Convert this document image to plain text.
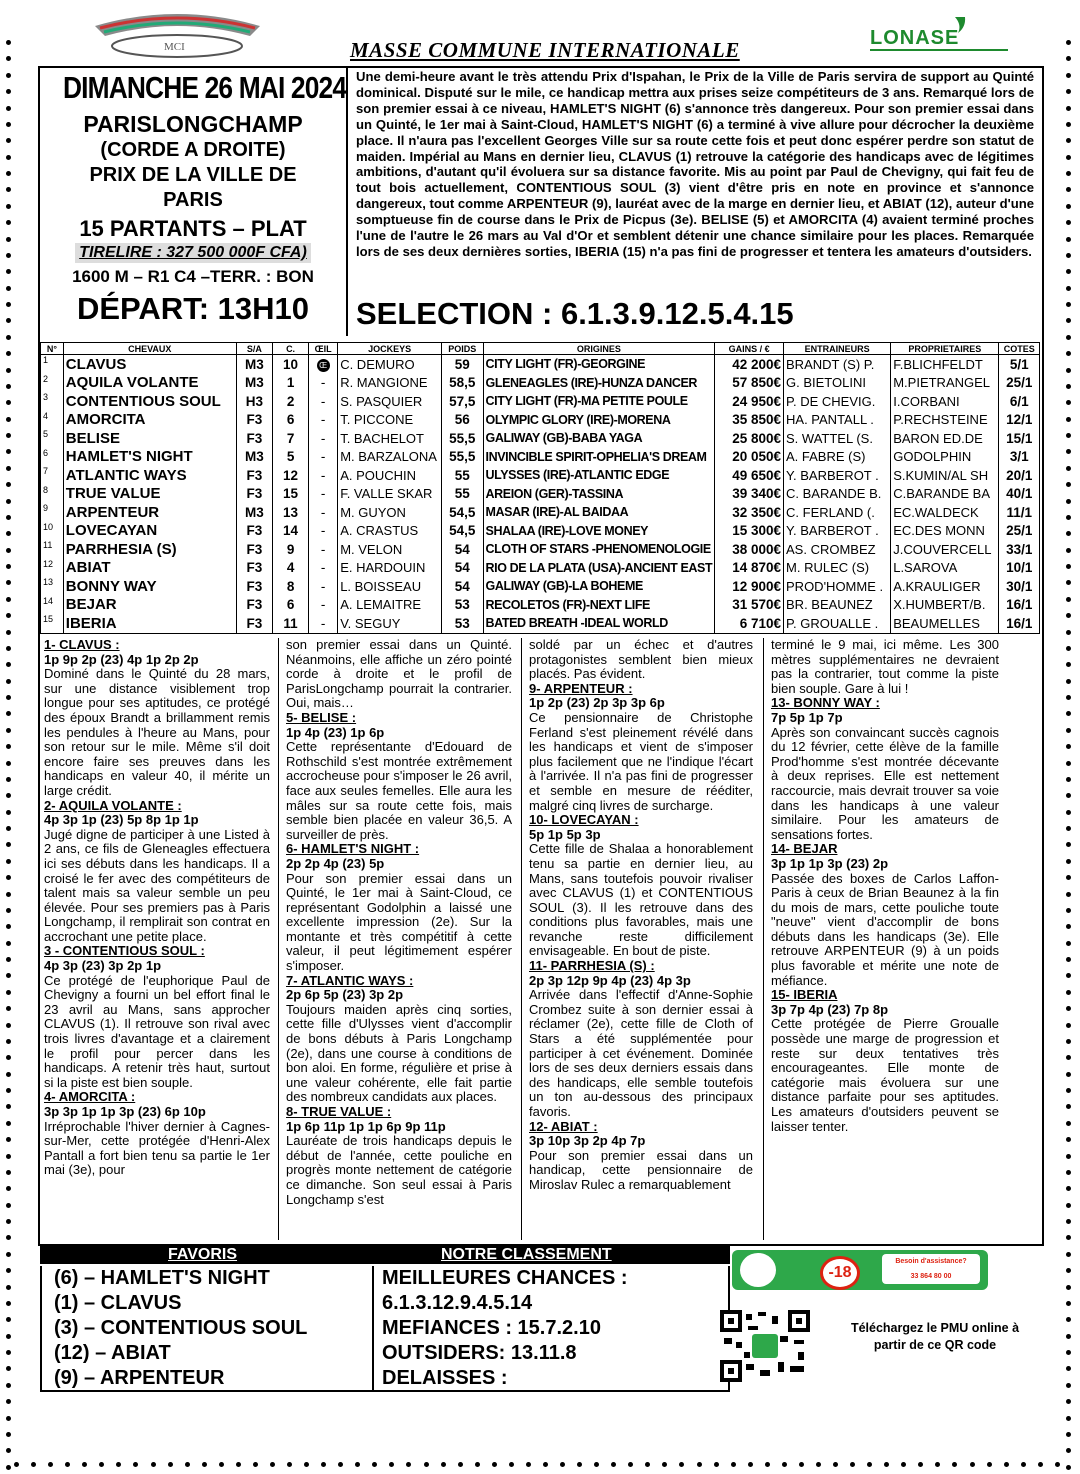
MCI	MASSE COMMUNE INTERNATIONALE	LONASE
DIMANCHE 26 MAI 2024
PARISLONGCHAMP
(CORDE A DROITE)
PRIX DE LA VILLE DE
PARIS
15 PARTANTS – PLAT
TIRELIRE : 327 500 000F CFA)
1600 M – R1 C4 –TERR. : BON
DÉPART: 13H10
Une demi-heure avant le très attendu Prix d'Ispahan, le Prix de la Ville de Paris servira de support au Quinté dominical. Disputé sur le mile, ce handicap mettra aux prises seize compétiteurs de 3 ans. Remarqué lors de son premier essai à ce niveau, HAMLET'S NIGHT (6) s'annonce très dangereux. Pour son premier essai dans un Quinté, le 1er mai à Saint-Cloud, HAMLET'S NIGHT (6) a terminé à vive allure pour décrocher la deuxième place. Il n'aura pas l'excellent Georges Ville sur sa route cette fois et peut donc espérer perdre son statut de maiden. Impérial au Mans en dernier lieu, CLAVUS (1) retrouve la catégorie des handicaps avec de légitimes ambitions, d'autant qu'il évoluera sur sa distance favorite. Mis au point par Paul de Chevigny, qui fait feu de tout bois actuellement, CONTENTIOUS SOUL (3) vient d'être pris en note en province et s'annonce dangereux, tout comme ARPENTEUR (9), lauréat avec de la marge en dernier lieu, et ABIAT (12), auteur d'une somptueuse fin de course dans le Prix de Picpus (3e). BELISE (5) et AMORCITA (4) avaient terminé proches l'une de l'autre le 26 mars au Val d'Or et semblent détenir une chance similaire pour les places. Remarquée lors de ses deux dernières sorties, IBERIA (15) n'a pas fini de progresser et tentera les amateurs d'outsiders.
SELECTION : 6.1.3.9.12.5.4.15
N°	CHEVAUX	S/A	C.	ŒIL	JOCKEYS	POIDS	ORIGINES	GAINS / €	ENTRAINEURS	PROPRIETAIRES	COTES
1	CLAVUS	M3	10	Œ	C. DEMURO	59	CITY LIGHT (FR)-GEORGINE	42 200€	BRANDT (S) P.	F.BLICHFELDT	5/1
2	AQUILA VOLANTE	M3	1	-	R. MANGIONE	58,5	GLENEAGLES (IRE)-HUNZA DANCER	57 850€	G. BIETOLINI	M.PIETRANGEL	25/1
3	CONTENTIOUS SOUL	H3	2	-	S. PASQUIER	57,5	CITY LIGHT (FR)-MA PETITE POULE	24 950€	P. DE CHEVIG.	I.CORBANI	6/1
4	AMORCITA	F3	6	-	T. PICCONE	56	OLYMPIC GLORY (IRE)-MORENA	35 850€	HA. PANTALL .	P.RECHSTEINE	12/1
5	BELISE	F3	7	-	T. BACHELOT	55,5	GALIWAY (GB)-BABA YAGA	25 800€	S. WATTEL (S.	BARON ED.DE	15/1
6	HAMLET'S NIGHT	M3	5	-	M. BARZALONA	55,5	INVINCIBLE SPIRIT-OPHELIA'S DREAM	20 050€	A. FABRE (S)	GODOLPHIN	3/1
7	ATLANTIC WAYS	F3	12	-	A. POUCHIN	55	ULYSSES (IRE)-ATLANTIC EDGE	49 650€	Y. BARBEROT .	S.KUMIN/AL SH	20/1
8	TRUE VALUE	F3	15	-	F. VALLE SKAR	55	AREION (GER)-TASSINA	39 340€	C. BARANDE B.	C.BARANDE BA	40/1
9	ARPENTEUR	M3	13	-	M. GUYON	54,5	MASAR (IRE)-AL BAIDAA	32 350€	C. FERLAND (.	EC.WALDECK	11/1
10	LOVECAYAN	F3	14	-	A. CRASTUS	54,5	SHALAA (IRE)-LOVE MONEY	15 300€	Y. BARBEROT .	EC.DES MONN	25/1
11	PARRHESIA (S)	F3	9	-	M. VELON	54	CLOTH OF STARS -PHENOMENOLOGIE	38 000€	AS. CROMBEZ	J.COUVERCELL	33/1
12	ABIAT	F3	4	-	E. HARDOUIN	54	RIO DE LA PLATA (USA)-ANCIENT EAST	14 870€	M. RULEC (S)	L.SAROVA	10/1
13	BONNY WAY	F3	8	-	L. BOISSEAU	54	GALIWAY (GB)-LA BOHEME	12 900€	PROD'HOMME .	A.KRAULIGER	30/1
14	BEJAR	F3	6	-	A. LEMAITRE	53	RECOLETOS (FR)-NEXT LIFE	31 570€	BR. BEAUNEZ	X.HUMBERT/B.	16/1
15	IBERIA	F3	11	-	V. SEGUY	53	BATED BREATH -IDEAL WORLD	6 710€	P. GROUALLE .	BEAUMELLES	16/1
1- CLAVUS :
1p 9p 2p (23) 4p 1p 2p 2p
Dominé dans le Quinté du 28 mars, sur une distance visiblement trop longue pour ses aptitudes, ce protégé des époux Brandt a brillamment remis les pendules à l'heure au Mans, pour son retour sur le mile. Même s'il doit encore faire ses preuves dans les handicaps en valeur 40, il mérite un large crédit.
2- AQUILA VOLANTE :
4p 3p 1p (23) 5p 8p 1p 1p
Jugé digne de participer à une Listed à 2 ans, ce fils de Gleneagles effectuera ici ses débuts dans les handicaps. Il a croisé le fer avec des compétiteurs de talent mais sa valeur semble un peu élevée. Pour ses premiers pas à Paris Longchamp, il remplirait son contrat en accrochant une petite place.
3 - CONTENTIOUS SOUL :
4p 3p (23) 3p 2p 1p
Ce protégé de l'euphorique Paul de Chevigny a fourni un bel effort final le 23 avril au Mans, sans approcher CLAVUS (1). Il retrouve son rival avec trois livres d'avantage et a clairement le profil pour percer dans les handicaps. A retenir très haut, surtout si la piste est bien souple.
4- AMORCITA :
3p 3p 1p 1p 3p (23) 6p 10p
Irréprochable l'hiver dernier à Cagnes-sur-Mer, cette protégée d'Henri-Alex Pantall a fort bien tenu sa partie le 1er mai (3e), pour
son premier essai dans un Quinté. Néanmoins, elle affiche un zéro pointé corde à droite et le profil de ParisLongchamp pourrait la contrarier. Oui, mais…
5- BELISE :
1p 4p (23) 1p 6p
Cette représentante d'Edouard de Rothschild s'est montrée extrêmement accrocheuse pour s'imposer le 26 avril, face aux seules femelles. Elle aura les mâles sur sa route cette fois, mais semble bien placée en valeur 36,5. A surveiller de près.
6- HAMLET'S NIGHT :
2p 2p 4p (23) 5p
Pour son premier essai dans un Quinté, le 1er mai à Saint-Cloud, ce représentant Godolphin a laissé une excellente impression (2e). Sur la montante et très compétitif à cette valeur, il peut légitimement espérer s'imposer.
7- ATLANTIC WAYS :
2p 6p 5p (23) 3p 2p
Toujours maiden après cinq sorties, cette fille d'Ulysses vient d'accomplir de bons débuts à Paris Longchamp (2e), dans une course à conditions de bon aloi. En forme, régulière et prise à une valeur cohérente, elle fait partie des nombreux candidats aux places.
8- TRUE VALUE :
1p 6p 11p 1p 1p 6p 9p 11p
Lauréate de trois handicaps depuis le début de l'année, cette pouliche en progrès monte nettement de catégorie ce dimanche. Son seul essai à Paris Longchamp s'est
soldé par un échec et d'autres protagonistes semblent bien mieux placés. Pas évident.
9- ARPENTEUR :
1p 2p (23) 2p 3p 3p 6p
Ce pensionnaire de Christophe Ferland s'est pleinement révélé dans les handicaps et vient de s'imposer plus facilement que ne l'indique l'écart à l'arrivée. Il n'a pas fini de progresser et semble en mesure de rééditer, malgré cinq livres de surcharge.
10- LOVECAYAN :
5p 1p 5p 3p
Cette fille de Shalaa a honorablement tenu sa partie en dernier lieu, au Mans, sans toutefois pouvoir rivaliser avec CLAVUS (1) et CONTENTIOUS SOUL (3). Il les retrouve dans des conditions plus favorables, mais une revanche reste difficilement envisageable. En bout de piste.
11- PARRHESIA (S) :
2p 3p 12p 9p 4p (23) 4p 3p
Arrivée dans l'effectif d'Anne-Sophie Crombez suite à son dernier essai à réclamer (2e), cette fille de Cloth of Stars a été supplémentée pour participer à cet événement. Dominée lors de ses deux derniers essais dans des handicaps, elle semble toutefois un ton au-dessous des principaux favoris.
12- ABIAT :
3p 10p 3p 2p 4p 7p
Pour son premier essai dans un handicap, cette pensionnaire de Miroslav Rulec a remarquablement
terminé le 9 mai, ici même. Les 300 mètres supplémentaires ne devraient pas la contrarier, tout comme la piste bien souple. Gare à lui !
13- BONNY WAY :
7p 5p 1p 7p
Après son convaincant succès cagnois du 12 février, cette élève de la famille Prod'homme s'est montrée décevante à deux reprises. Elle est nettement raccourcie, mais devrait trouver sa voie dans les handicaps à une valeur similaire. Pour les amateurs de sensations fortes.
14- BEJAR
3p 1p 1p 3p (23) 2p
Passée des boxes de Carlos Laffon-Paris à ceux de Brian Beaunez à la fin du mois de mars, cette pouliche toute "neuve" vient d'accomplir de bons débuts dans les handicaps (3e). Elle retrouve ARPENTEUR (9) à un poids plus favorable et mérite une note de méfiance.
15- IBERIA
3p 7p 4p (23) 7p 8p
Cette protégée de Pierre Groualle possède une marge de progression et reste sur deux tentatives très encourageantes. Elle monte de catégorie mais évoluera sur une distance parfaite pour ses aptitudes. Les amateurs d'outsiders peuvent se laisser tenter.
FAVORIS	NOTRE CLASSEMENT
(6) – HAMLET'S NIGHT
(1) – CLAVUS
(3) – CONTENTIOUS SOUL
(12) – ABIAT
(9) – ARPENTEUR
MEILLEURES CHANCES :
6.1.3.12.9.4.5.14
MEFIANCES : 15.7.2.10
OUTSIDERS: 13.11.8
DELAISSES :
-18
Besoin d'assistance?
33 864 80 00
Téléchargez le PMU online à partir de ce QR code
